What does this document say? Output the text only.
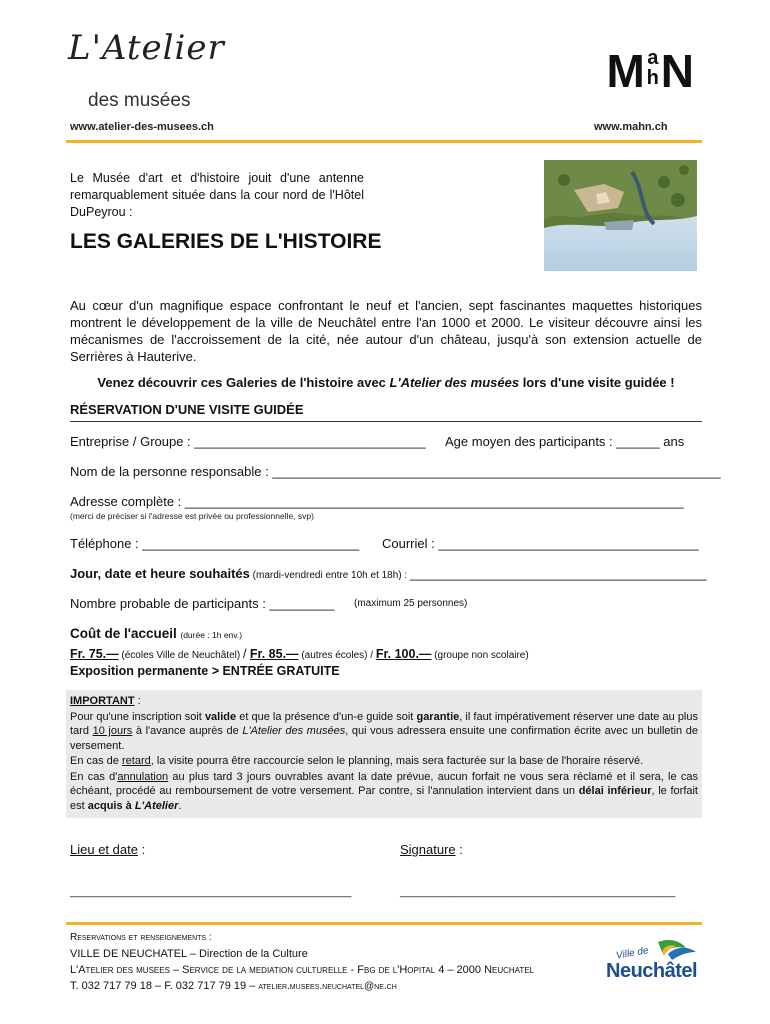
L'Atelier
des musées
www.atelier-des-musees.ch
M a
hN
www.mahn.ch
Le Musée d'art et d'histoire jouit d'une antenne remarquablement située dans la cour nord de l'Hôtel DuPeyrou :
LES GALERIES DE L'HISTOIRE
Au cœur d'un magnifique espace confrontant le neuf et l'ancien, sept fascinantes maquettes historiques montrent le développement de la ville de Neuchâtel entre l'an 1000 et 2000. Le visiteur découvre ainsi les mécanismes de l'accroissement de la cité, née autour d'un château, jusqu'à son extension actuelle de Serrières à Hauterive.
Venez découvrir ces Galeries de l'histoire avec L'Atelier des musées lors d'une visite guidée !
RÉSERVATION D'UNE VISITE GUIDÉE
Entreprise / Groupe : ________________________________ Age moyen des participants : ______ ans
Nom de la personne responsable : ______________________________________________________________
Adresse complète : _____________________________________________________________________
(merci de préciser si l'adresse est privée ou professionnelle, svp)
Téléphone : ______________________________ Courriel : ____________________________________
Jour, date et heure souhaités (mardi-vendredi entre 10h et 18h) : _________________________________________
Nombre probable de participants : _________ (maximum 25 personnes)
Coût de l'accueil (durée : 1h env.)
Fr. 75.— (écoles Ville de Neuchâtel) / Fr. 85.— (autres écoles) / Fr. 100.— (groupe non scolaire)
Exposition permanente > ENTRÉE GRATUITE

IMPORTANT :

Pour qu'une inscription soit valide et que la présence d'un-e guide soit garantie, il faut impérativement réserver une date au plus tard 10 jours à l'avance auprès de L'Atelier des musées, qui vous adressera ensuite une confirmation écrite avec un bulletin de versement.

En cas de retard, la visite pourra être raccourcie selon le planning, mais sera facturée sur la base de l'horaire réservé.

En cas d'annulation au plus tard 3 jours ouvrables avant la date prévue, aucun forfait ne vous sera réclamé et il sera, le cas échéant, procédé au remboursement de votre versement. Par contre, si l'annulation intervient dans un délai inférieur, le forfait est acquis à L'Atelier.

Lieu et date :	Signature :
______________________________________________	_____________________________________________
Reservations et renseignements :
VILLE DE NEUCHATEL – Direction de la Culture
L'Atelier des musees – Service de la mediation culturelle - Fbg de l'Hopital 4 – 2000 Neuchatel
T. 032 717 79 18 – F. 032 717 79 19 – atelier.musees.neuchatel@ne.ch
Ville de
Neuchâtel
